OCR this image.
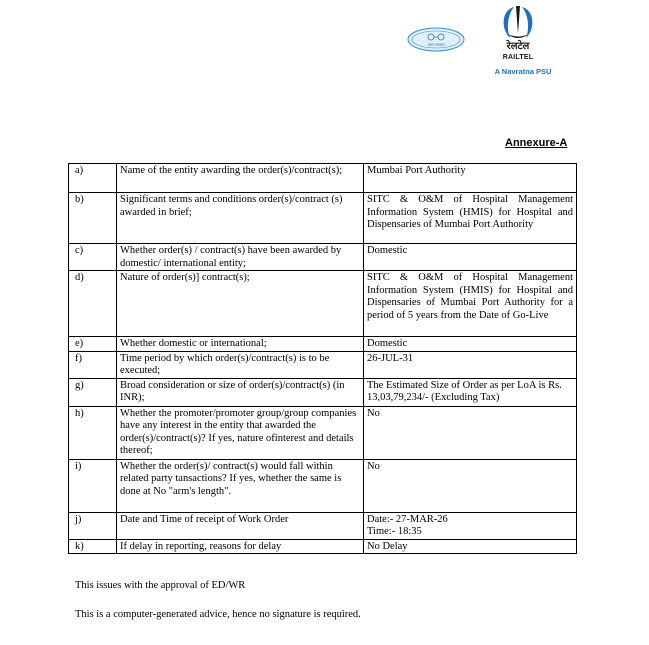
भारत सरकार	रेलटेल
RAILTEL
A Navratna PSU
Annexure-A
a)	Name of the entity awarding the order(s)/contract(s);	Mumbai Port Authority
b)	Significant terms and conditions order(s)/contract (s) awarded in brief;	SITC & O&M of Hospital Management Information System (HMIS) for Hospital and Dispensaries of Mumbai Port Authority
c)	Whether order(s) / contract(s) have been awarded by domestic/ international entity;	Domestic
d)	Nature of order(s)] contract(s);	SITC & O&M of Hospital Management Information System (HMIS) for Hospital and Dispensaries of Mumbai Port Authority for a period of 5 years from the Date of Go-Live
e)	Whether domestic or international;	Domestic
f)	Time period by which order(s)/contract(s) is to be executed;	26-JUL-31
g)	Broad consideration or size of order(s)/contract(s) (in INR);	The Estimated Size of Order as per LoA is Rs. 13,03,79,234/- (Excluding Tax)
h)	Whether the promoter/promoter group/group companies have any interest in the entity that awarded the order(s)/contract(s)? If yes, nature ofinterest and details thereof;	No
i)	Whether the order(s)/ contract(s) would fall within related party tansactions? If yes, whether the same is done at No "arm's length".	No
j)	Date and Time of receipt of Work Order	Date:- 27-MAR-26
Time:- 18:35

k)	If delay in reporting, reasons for delay	No Delay
This issues with the approval of ED/WR
This is a computer-generated advice, hence no signature is required.
